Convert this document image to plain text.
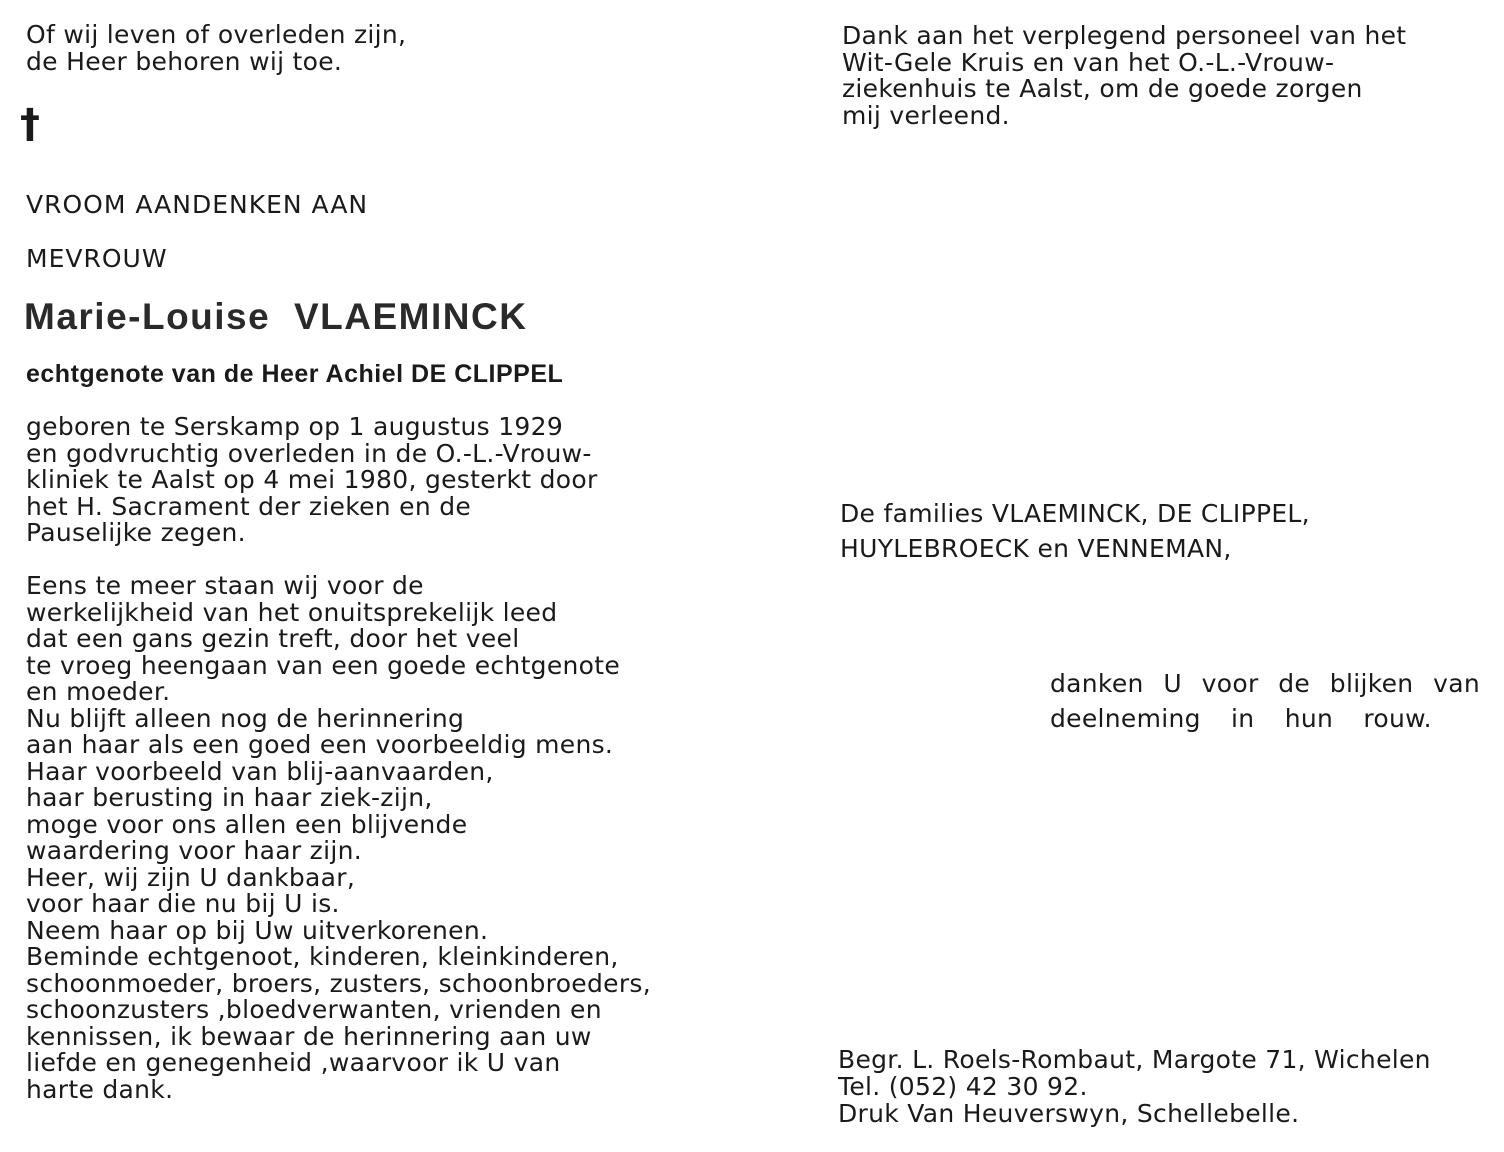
Of wij leven of overleden zijn,
de Heer behoren wij toe.
†
VROOM AANDENKEN AAN
MEVROUW
Marie-Louise VLAEMINCK
echtgenote van de Heer Achiel DE CLIPPEL
geboren te Serskamp op 1 augustus 1929
en godvruchtig overleden in de O.-L.-Vrouw-
kliniek te Aalst op 4 mei 1980, gesterkt door
het H. Sacrament der zieken en de
Pauselijke zegen.
Eens te meer staan wij voor de
werkelijkheid van het onuitsprekelijk leed
dat een gans gezin treft, door het veel
te vroeg heengaan van een goede echtgenote
en moeder.
Nu blijft alleen nog de herinnering
aan haar als een goed een voorbeeldig mens.
Haar voorbeeld van blij-aanvaarden,
haar berusting in haar ziek-zijn,
moge voor ons allen een blijvende
waardering voor haar zijn.
Heer, wij zijn U dankbaar,
voor haar die nu bij U is.
Neem haar op bij Uw uitverkorenen.
Beminde echtgenoot, kinderen, kleinkinderen,
schoonmoeder, broers, zusters, schoonbroeders,
schoonzusters ,bloedverwanten, vrienden en
kennissen, ik bewaar de herinnering aan uw
liefde en genegenheid ,waarvoor ik U van
harte dank.
Dank aan het verplegend personeel van het
Wit-Gele Kruis en van het O.-L.-Vrouw-
ziekenhuis te Aalst, om de goede zorgen
mij verleend.
De families VLAEMINCK, DE CLIPPEL,
HUYLEBROECK en VENNEMAN,
danken U voor de blijken van
deelneming in hun rouw.
Begr. L. Roels-Rombaut, Margote 71, Wichelen
Tel. (052) 42 30 92.
Druk Van Heuverswyn, Schellebelle.
